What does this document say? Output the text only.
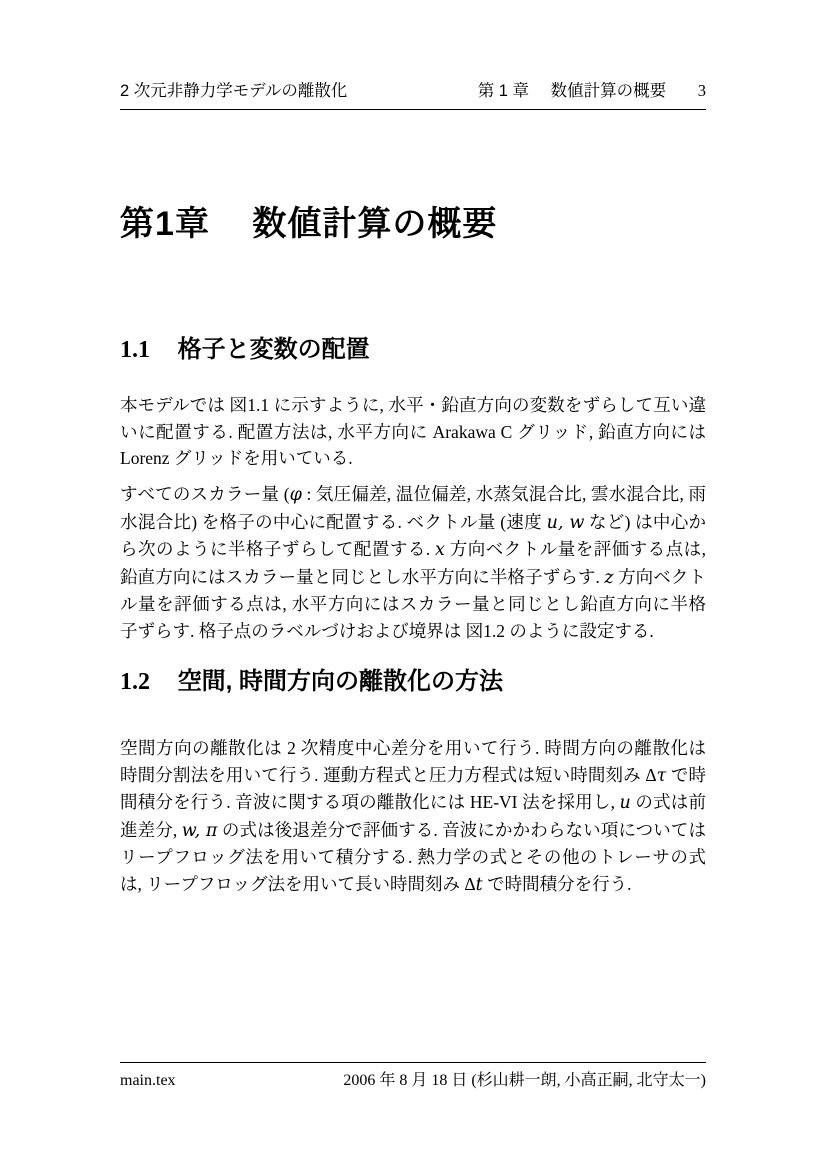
2 次元非静力学モデルの離散化	第 1 章 数値計算の概要 3
第1章 数値計算の概要
1.1 格子と変数の配置

本モデルでは 図1.1 に示すように, 水平・鉛直方向の変数をずらして互い違いに配置する. 配置方法は, 水平方向に Arakawa C グリッド, 鉛直方向には Lorenz グリッドを用いている.

すべてのスカラー量 (φ : 気圧偏差, 温位偏差, 水蒸気混合比, 雲水混合比, 雨水混合比) を格子の中心に配置する. ベクトル量 (速度 u, w など) は中心から次のように半格子ずらして配置する. x 方向ベクトル量を評価する点は, 鉛直方向にはスカラー量と同じとし水平方向に半格子ずらす. z 方向ベクトル量を評価する点は, 水平方向にはスカラー量と同じとし鉛直方向に半格子ずらす. 格子点のラベルづけおよび境界は 図1.2 のように設定する.

1.2 空間, 時間方向の離散化の方法

空間方向の離散化は 2 次精度中心差分を用いて行う. 時間方向の離散化は時間分割法を用いて行う. 運動方程式と圧力方程式は短い時間刻み Δτ で時間積分を行う. 音波に関する項の離散化には HE-VI 法を採用し, u の式は前進差分, w, π の式は後退差分で評価する. 音波にかかわらない項についてはリープフロッグ法を用いて積分する. 熱力学の式とその他のトレーサの式は, リープフロッグ法を用いて長い時間刻み Δt で時間積分を行う.

main.tex	2006 年 8 月 18 日 (杉山耕一朗, 小高正嗣, 北守太一)
